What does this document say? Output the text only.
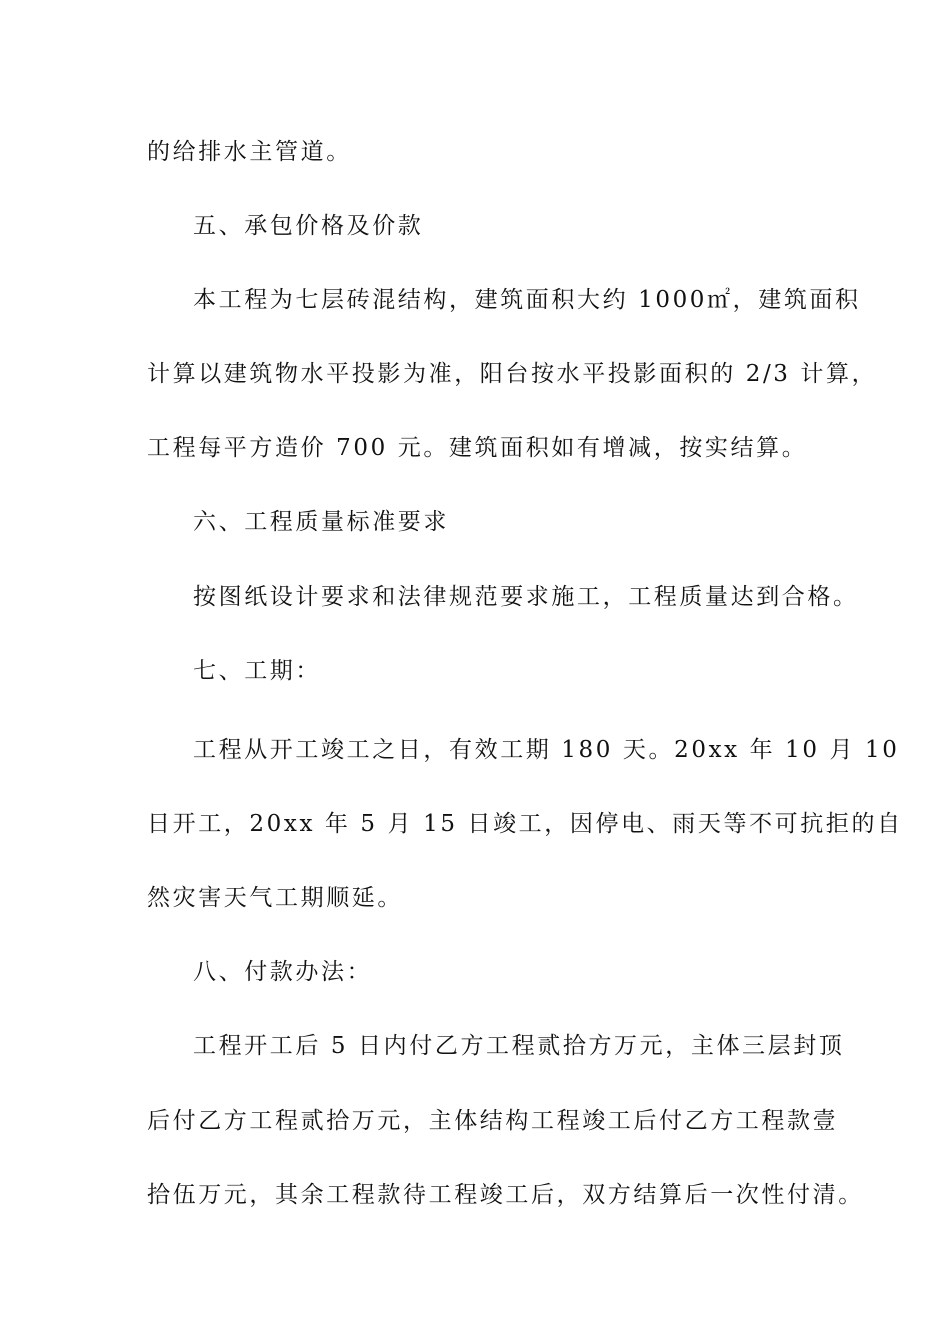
的给排水主管道。
五、承包价格及价款
本工程为七层砖混结构，建筑面积大约 1000㎡，建筑面积
计算以建筑物水平投影为准，阳台按水平投影面积的 2/3 计算，
工程每平方造价 700 元。建筑面积如有增减，按实结算。
六、工程质量标准要求
按图纸设计要求和法律规范要求施工，工程质量达到合格。
七、工期：
工程从开工竣工之日，有效工期 180 天。20xx 年 10 月 10
日开工，20xx 年 5 月 15 日竣工，因停电、雨天等不可抗拒的自
然灾害天气工期顺延。
八、付款办法：
工程开工后 5 日内付乙方工程贰拾方万元，主体三层封顶
后付乙方工程贰拾万元，主体结构工程竣工后付乙方工程款壹
拾伍万元，其余工程款待工程竣工后，双方结算后一次性付清。
